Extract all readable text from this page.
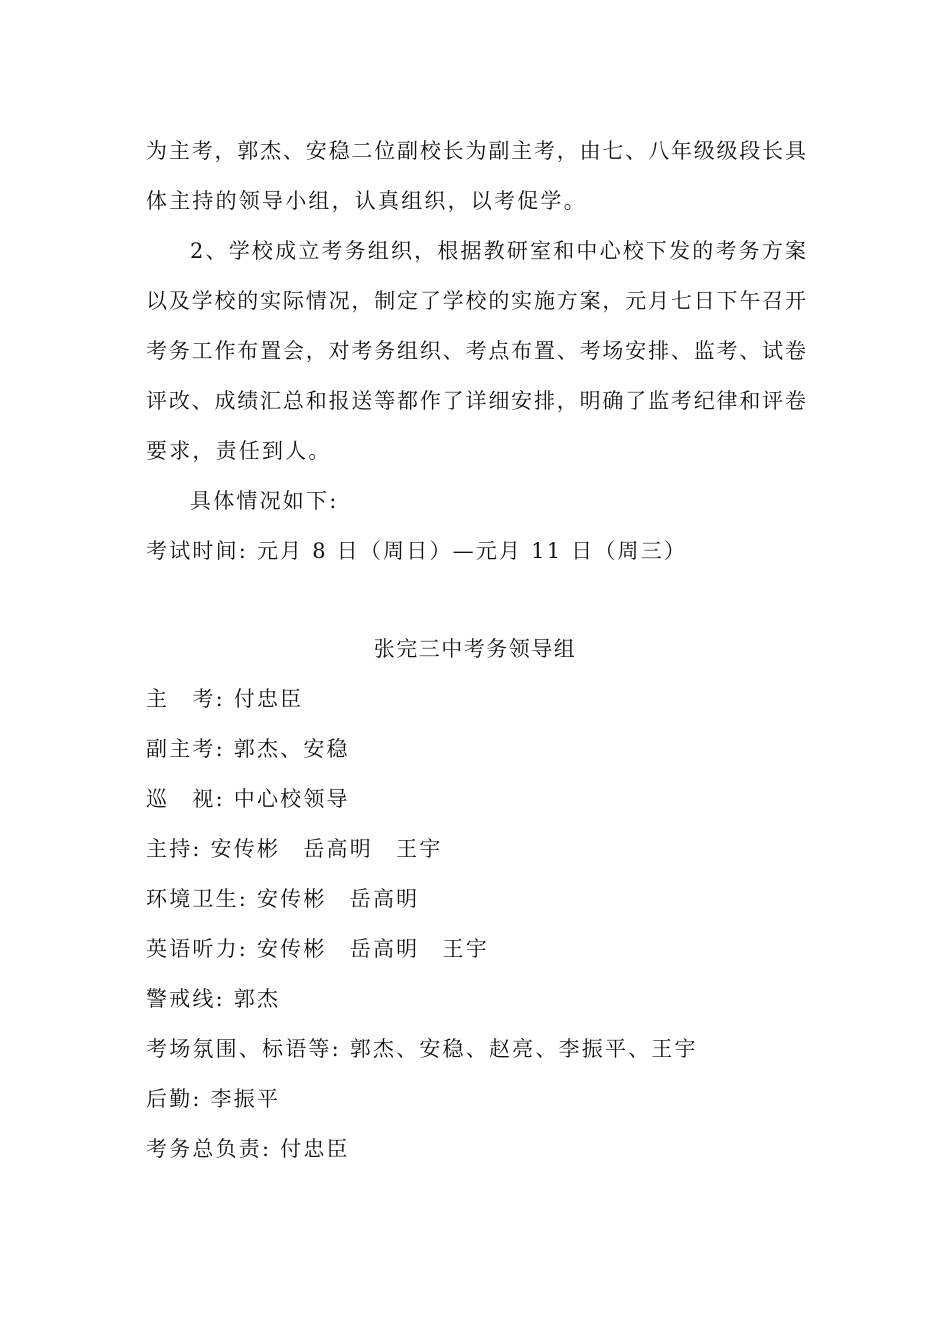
为主考，郭杰、安稳二位副校长为副主考，由七、八年级级段长具
体主持的领导小组，认真组织，以考促学。
2、学校成立考务组织，根据教研室和中心校下发的考务方案
以及学校的实际情况，制定了学校的实施方案，元月七日下午召开
考务工作布置会，对考务组织、考点布置、考场安排、监考、试卷
评改、成绩汇总和报送等都作了详细安排，明确了监考纪律和评卷
要求，责任到人。
具体情况如下:
考试时间: 元月 8 日（周日）—元月 11 日（周三）
张完三中考务领导组
主　考: 付忠臣
副主考: 郭杰、安稳
巡　视: 中心校领导
主持: 安传彬　岳高明　王宇
环境卫生: 安传彬　岳高明
英语听力: 安传彬　岳高明　王宇
警戒线: 郭杰
考场氛围、标语等: 郭杰、安稳、赵亮、李振平、王宇
后勤: 李振平
考务总负责: 付忠臣
